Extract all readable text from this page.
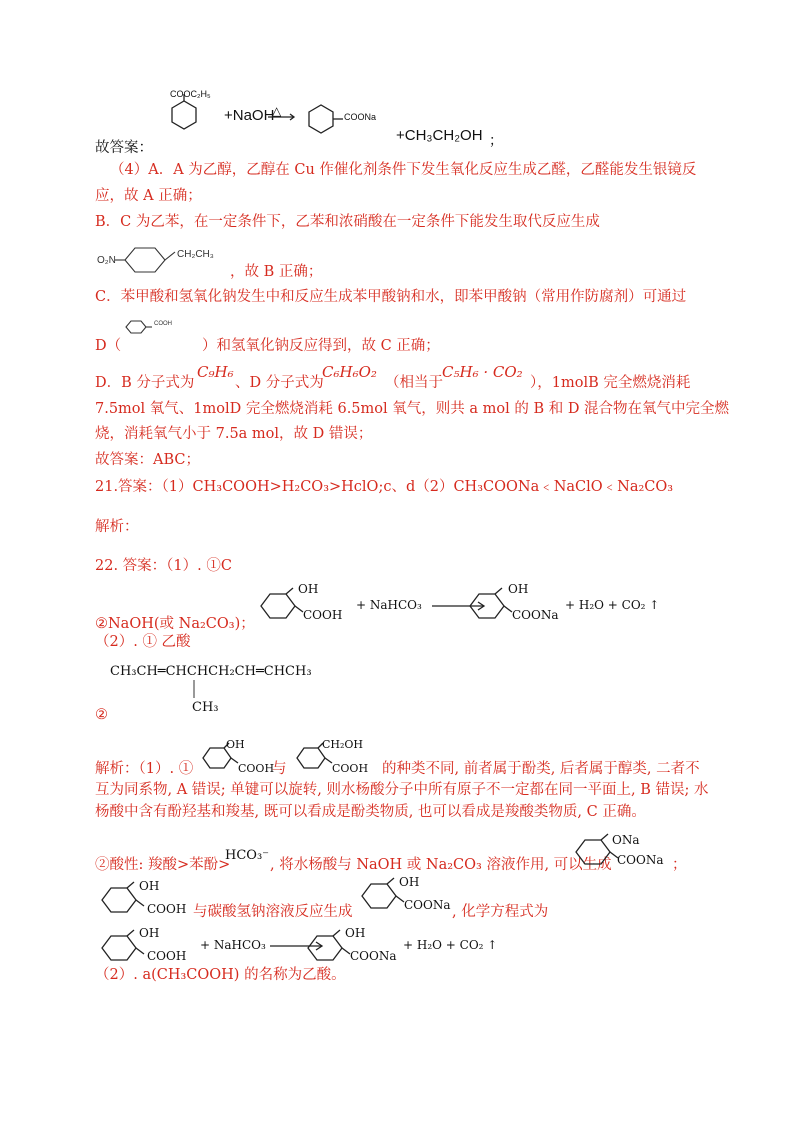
COOC₂H₅
+NaOH
△	COONa
+CH₃CH₂OH ；
故答案：
（4）A．A 为乙醇，乙醇在 Cu 作催化剂条件下发生氧化反应生成乙醛，乙醛能发生银镜反
应，故 A 正确；
B．C 为乙苯，在一定条件下，乙苯和浓硝酸在一定条件下能发生取代反应生成
O₂N
CH₂CH₃
，故 B 正确；
C．苯甲酸和氢氧化钠发生中和反应生成苯甲酸钠和水，即苯甲酸钠（常用作防腐剂）可通过
D（
COOH
）和氢氧化钠反应得到，故 C 正确；
D．B 分子式为
C₉H₆
、D 分子式为
C₆H₆O₂
（相当于
C₅H₆ · CO₂
），1molB 完全燃烧消耗
7.5mol 氧气、1molD 完全燃烧消耗 6.5mol 氧气，则共 a mol 的 B 和 D 混合物在氧气中完全燃
烧，消耗氧气小于 7.5a mol，故 D 错误；
故答案：ABC；
21.答案：（1）CH₃COOH>H₂CO₃>HclO;c、d（2）CH₃COONa﹤NaClO﹤Na₂CO₃
解析：
22. 答案：（1）. ①C
OH
COOH
+ NaHCO₃
OH
COONa
+ H₂O + CO₂ ↑
②NaOH(或 Na₂CO₃)；
（2）. ① 乙酸
CH₃CH═CHCHCH₂CH═CHCH₃
CH₃
②
解析：（1）. ①
OH
COOH
与
CH₂OH
COOH 的种类不同, 前者属于酚类, 后者属于醇类, 二者不
互为同系物, A 错误; 单键可以旋转, 则水杨酸分子中所有原子不一定都在同一平面上, B 错误; 水
杨酸中含有酚羟基和羧基, 既可以看成是酚类物质, 也可以看成是羧酸类物质, C 正确。
②酸性: 羧酸>苯酚>
HCO₃⁻
, 将水杨酸与 NaOH 或 Na₂CO₃ 溶液作用, 可以生成
ONa
COONa ；
OH
COOH 与碳酸氢钠溶液反应生成
OH
COONa , 化学方程式为
OH
COOH
+ NaHCO₃
OH
COONa
+ H₂O + CO₂ ↑
（2）. a(CH₃COOH) 的名称为乙酸。
